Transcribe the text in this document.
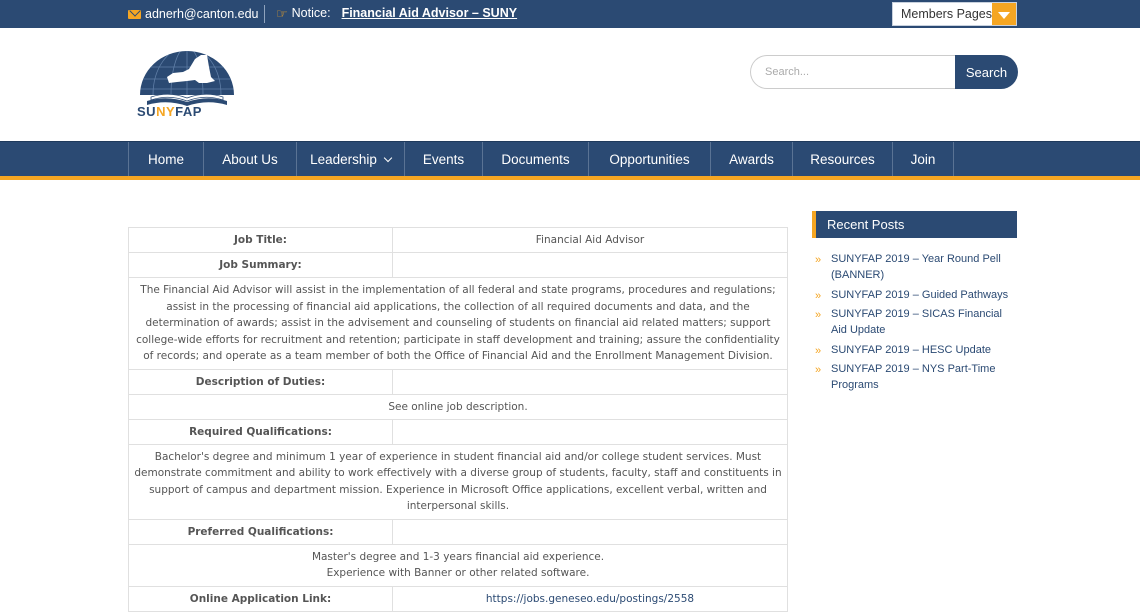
adnerh@canton.edu ☞ Notice: Financial Aid Advisor – SUNY	Members Pages
SUNYFAP
Search...
Search
Home	About Us	Leadership	Events	Documents	Opportunities	Awards	Resources	Join
Job Title:	Financial Aid Advisor
Job Summary:	
The Financial Aid Advisor will assist in the implementation of all federal and state programs, procedures and regulations; assist in the processing of financial aid applications, the collection of all required documents and data, and the determination of awards; assist in the advisement and counseling of students on financial aid related matters; support college-wide efforts for recruitment and retention; participate in staff development and training; assure the confidentiality of records; and operate as a team member of both the Office of Financial Aid and the Enrollment Management Division.	
Description of Duties:	
See online job description.	
Required Qualifications:	
Bachelor's degree and minimum 1 year of experience in student financial aid and/or college student services. Must demonstrate commitment and ability to work effectively with a diverse group of students, faculty, staff and constituents in support of campus and department mission. Experience in Microsoft Office applications, excellent verbal, written and interpersonal skills.	
Preferred Qualifications:	

Master's degree and 1-3 years financial aid experience.
Experience with Banner or other related software.	

Online Application Link:	https://jobs.geneseo.edu/postings/2558
Recent Posts
» SUNYFAP 2019 – Year Round Pell (BANNER)
» SUNYFAP 2019 – Guided Pathways
» SUNYFAP 2019 – SICAS Financial Aid Update
» SUNYFAP 2019 – HESC Update
» SUNYFAP 2019 – NYS Part-Time Programs
